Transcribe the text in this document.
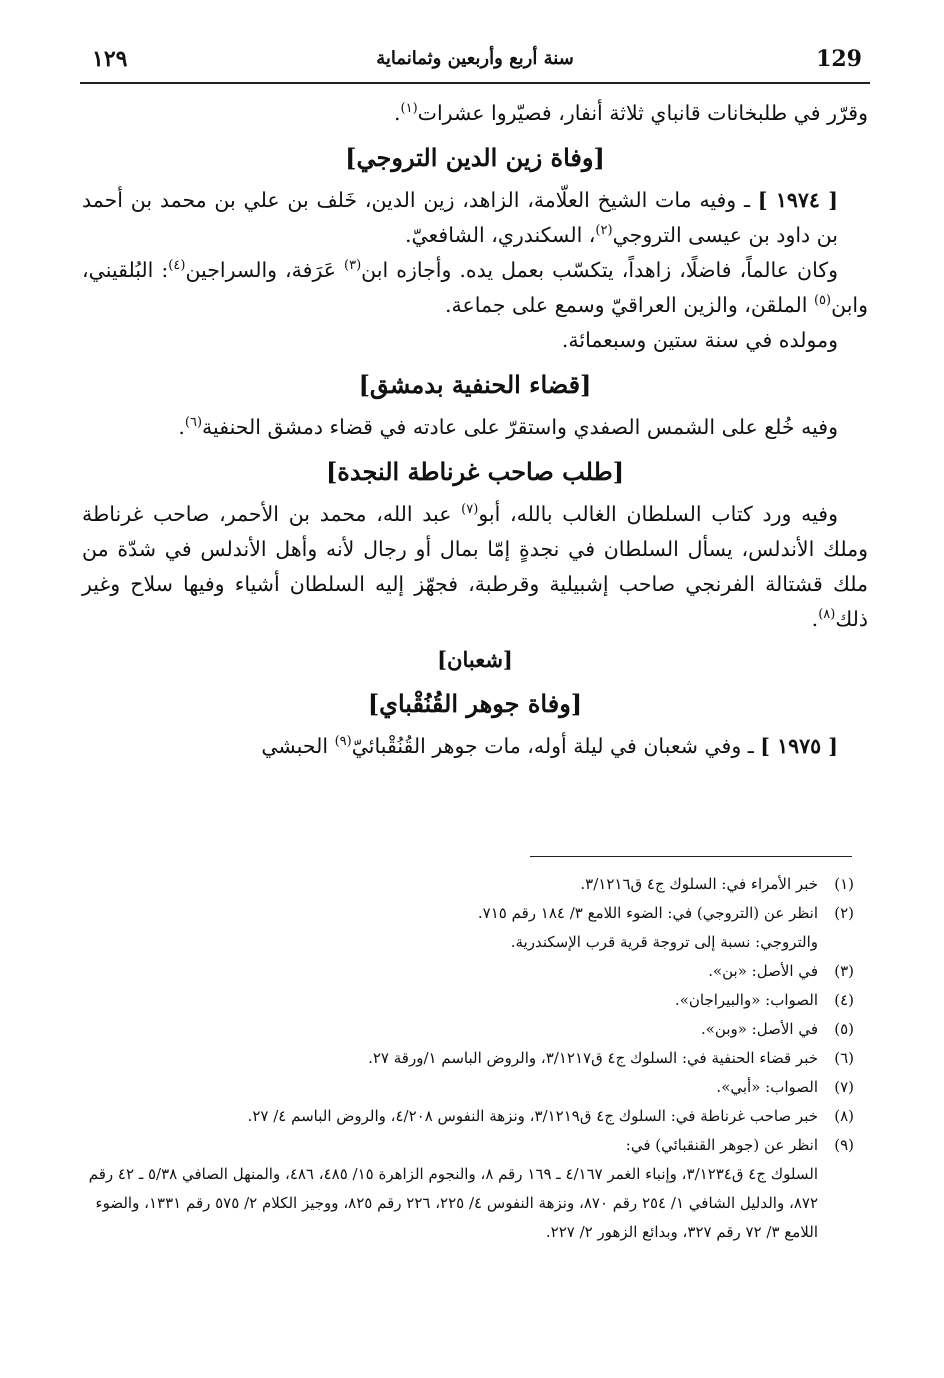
129
سنة أربع وأربعين وثمانماية
١٢٩

وقرّر في طلبخانات قانباي ثلاثة أنفار، فصيّروا عشرات$^{(١)}$.

[وفاة زين الدين التروجي]

[ ١٩٧٤ ] ـ وفيه مات الشيخ العلّامة، الزاهد، زين الدين، خَلف بن علي بن محمد بن أحمد بن داود بن عيسى التروجي$^{(٢)}$، السكندري، الشافعيّ.

وكان عالماً، فاضلًا، زاهداً، يتكسّب بعمل يده. وأجازه ابن$^{(٣)}$ عَرَفة، والسراجين$^{(٤)}$: البُلقيني، وابن$^{(٥)}$ الملقن، والزين العراقيّ وسمع على جماعة.

ومولده في سنة ستين وسبعمائة.

[قضاء الحنفية بدمشق]

وفيه خُلع على الشمس الصفدي واستقرّ على عادته في قضاء دمشق الحنفية$^{(٦)}$.

[طلب صاحب غرناطة النجدة]

وفيه ورد كتاب السلطان الغالب بالله، أبو$^{(٧)}$ عبد الله، محمد بن الأحمر، صاحب غرناطة وملك الأندلس، يسأل السلطان في نجدةٍ إمّا بمال أو رجال لأنه وأهل الأندلس في شدّة من ملك قشتالة الفرنجي صاحب إشبيلية وقرطبة، فجهّز إليه السلطان أشياء وفيها سلاح وغير ذلك$^{(٨)}$.

[شعبان]
[وفاة جوهر القُنُقْباي]

[ ١٩٧٥ ] ـ وفي شعبان في ليلة أوله، مات جوهر القُنُقْبائيّ$^{(٩)}$ الحبشي

(١)
خبر الأمراء في: السلوك ج٤ ق٣/١٢١٦.
(٢)
انظر عن (التروجي) في: الضوء اللامع ٣/ ١٨٤ رقم ٧١٥.
والتروجي: نسبة إلى تروجة قرية قرب الإسكندرية.
(٣)
في الأصل: «بن».
(٤)
الصواب: «والبيراجان».
(٥)
في الأصل: «وبن».
(٦)
خبر قضاء الحنفية في: السلوك ج٤ ق٣/١٢١٧، والروض الباسم ١/ورقة ٢٧.
(٧)
الصواب: «أبي».
(٨)
خبر صاحب غرناطة في: السلوك ج٤ ق٣/١٢١٩، ونزهة النفوس ٤/٢٠٨، والروض الباسم ٤/ ٢٧.
(٩)
انظر عن (جوهر القنقبائي) في:
السلوك ج٤ ق٣/١٢٣٤، وإنباء الغمر ٤/١٦٧ ـ ١٦٩ رقم ٨، والنجوم الزاهرة ١٥/ ٤٨٥، ٤٨٦، والمنهل الصافي ٥/٣٨ ـ ٤٢ رقم ٨٧٢، والدليل الشافي ١/ ٢٥٤ رقم ٨٧٠، ونزهة النفوس ٤/ ٢٢٥، ٢٢٦ رقم ٨٢٥، ووجيز الكلام ٢/ ٥٧٥ رقم ١٣٣١، والضوء اللامع ٣/ ٧٢ رقم ٣٢٧، وبدائع الزهور ٢/ ٢٢٧.
